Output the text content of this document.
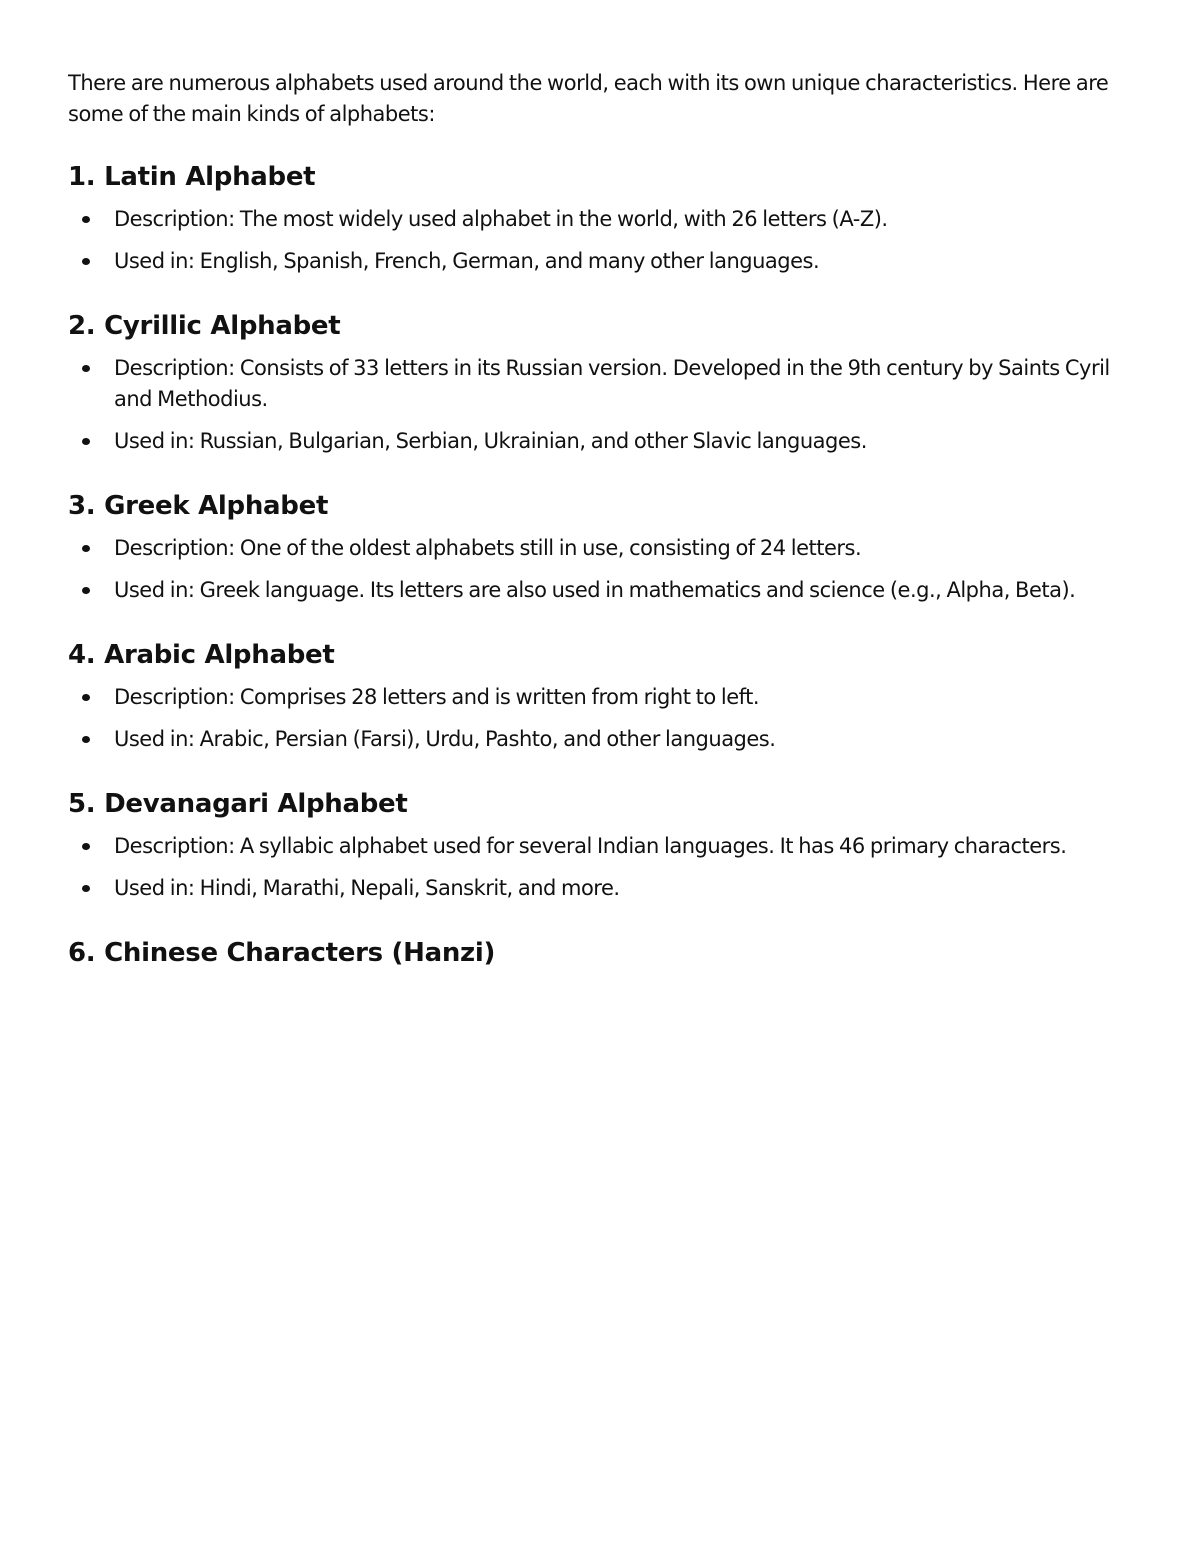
There are numerous alphabets used around the world, each with its own unique characteristics. Here are some of the main kinds of alphabets:

1. Latin Alphabet
Description: The most widely used alphabet in the world, with 26 letters (A-Z).
Used in: English, Spanish, French, German, and many other languages.
2. Cyrillic Alphabet
Description: Consists of 33 letters in its Russian version. Developed in the 9th century by Saints Cyril and Methodius.
Used in: Russian, Bulgarian, Serbian, Ukrainian, and other Slavic languages.
3. Greek Alphabet
Description: One of the oldest alphabets still in use, consisting of 24 letters.
Used in: Greek language. Its letters are also used in mathematics and science (e.g., Alpha, Beta).
4. Arabic Alphabet
Description: Comprises 28 letters and is written from right to left.
Used in: Arabic, Persian (Farsi), Urdu, Pashto, and other languages.
5. Devanagari Alphabet
Description: A syllabic alphabet used for several Indian languages. It has 46 primary characters.
Used in: Hindi, Marathi, Nepali, Sanskrit, and more.
6. Chinese Characters (Hanzi)
